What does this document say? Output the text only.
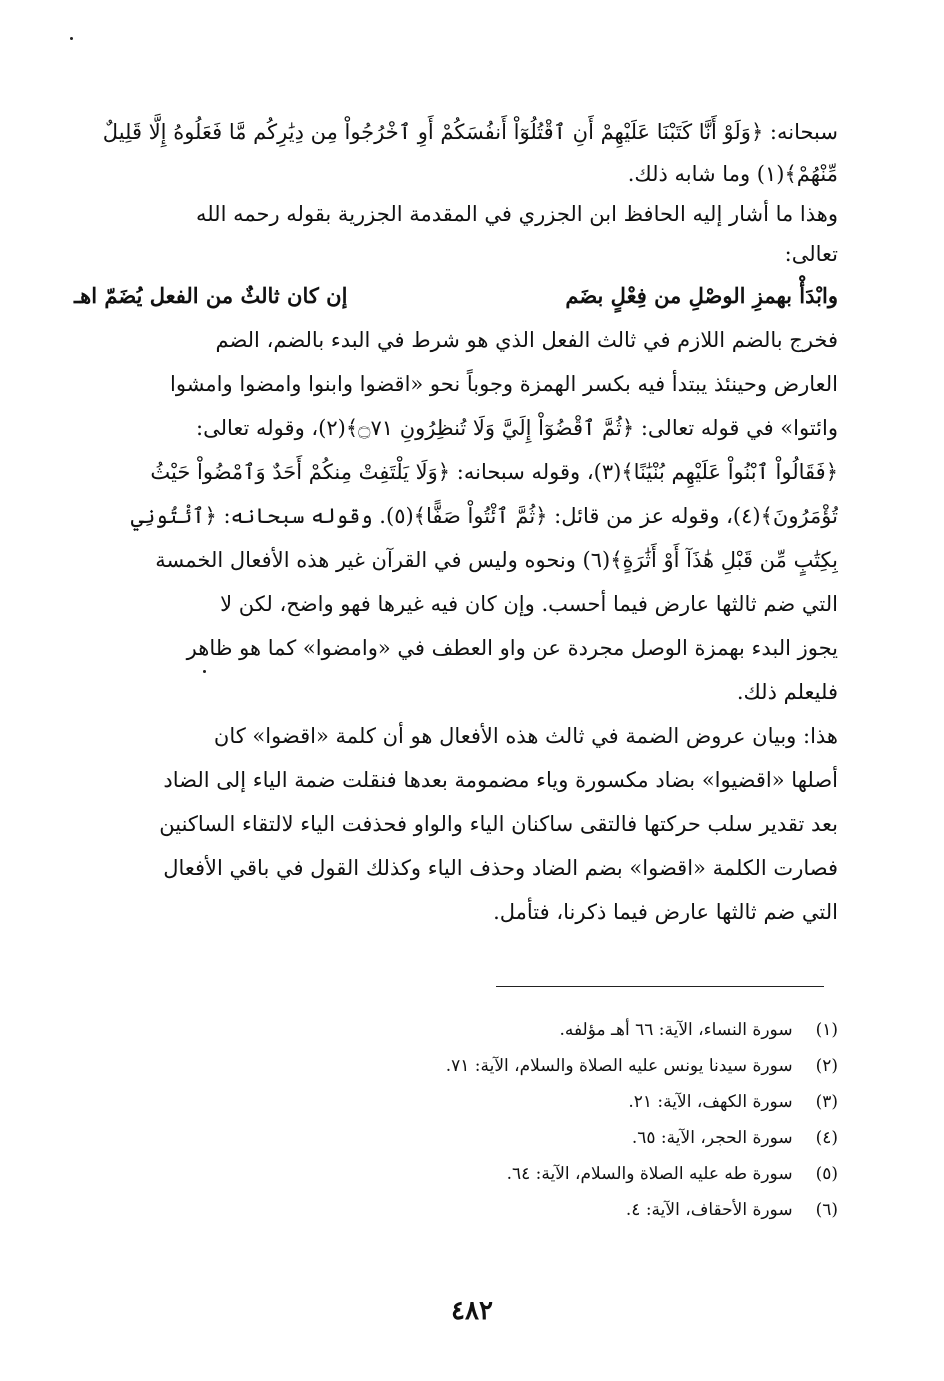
سبحانه: ﴿وَلَوْ أَنَّا كَتَبْنَا عَلَيْهِمْ أَنِ ٱقْتُلُوٓاْ أَنفُسَكُمْ أَوِ ٱخْرُجُواْ مِن دِيَٰرِكُم مَّا فَعَلُوهُ إِلَّا قَلِيلٌ
مِّنْهُمْ﴾(١) وما شابه ذلك.
وهذا ما أشار إليه الحافظ ابن الجزري في المقدمة الجزرية بقوله رحمه الله
تعالى:
وابْدَأْ بهمزِ الوصْلِ من فِعْلٍ بضَم
إن كان ثالثٌ من الفعل يُضَمّ اهـ
فخرج بالضم اللازم في ثالث الفعل الذي هو شرط في البدء بالضم، الضم
العارض وحينئذ يبتدأ فيه بكسر الهمزة وجوباً نحو «اقضوا وابنوا وامضوا وامشوا
وائتوا» في قوله تعالى: ﴿ثُمَّ ٱقْضُوٓاْ إِلَيَّ وَلَا تُنظِرُونِ ۝٧١﴾(٢)، وقوله تعالى:
﴿فَقَالُواْ ٱبْنُواْ عَلَيْهِم بُنْيَٰنًا﴾(٣)، وقوله سبحانه: ﴿وَلَا يَلْتَفِتْ مِنكُمْ أَحَدٌ وَٱمْضُواْ حَيْثُ
تُؤْمَرُونَ﴾(٤)، وقوله عز من قائل: ﴿ثُمَّ ٱئْتُواْ صَفًّا﴾(٥). وقوله سبحانه: ﴿ٱئْتُونِي
بِكِتَٰبٍ مِّن قَبْلِ هَٰذَآ أَوْ أَثَٰرَةٍ﴾(٦) ونحوه وليس في القرآن غير هذه الأفعال الخمسة
التي ضم ثالثها عارض فيما أحسب. وإن كان فيه غيرها فهو واضح، لكن لا
يجوز البدء بهمزة الوصل مجردة عن واو العطف في «وامضوا» كما هو ظاهر
فليعلم ذلك.
هذا: وبيان عروض الضمة في ثالث هذه الأفعال هو أن كلمة «اقضوا» كان
أصلها «اقضيوا» بضاد مكسورة وياء مضمومة بعدها فنقلت ضمة الياء إلى الضاد
بعد تقدير سلب حركتها فالتقى ساكنان الياء والواو فحذفت الياء لالتقاء الساكنين
فصارت الكلمة «اقضوا» بضم الضاد وحذف الياء وكذلك القول في باقي الأفعال
التي ضم ثالثها عارض فيما ذكرنا، فتأمل.
(١) سورة النساء، الآية: ٦٦ أهـ مؤلفه.
(٢) سورة سيدنا يونس عليه الصلاة والسلام، الآية: ٧١.
(٣) سورة الكهف، الآية: ٢١.
(٤) سورة الحجر، الآية: ٦٥.
(٥) سورة طه عليه الصلاة والسلام، الآية: ٦٤.
(٦) سورة الأحقاف، الآية: ٤.
٤٨٢
